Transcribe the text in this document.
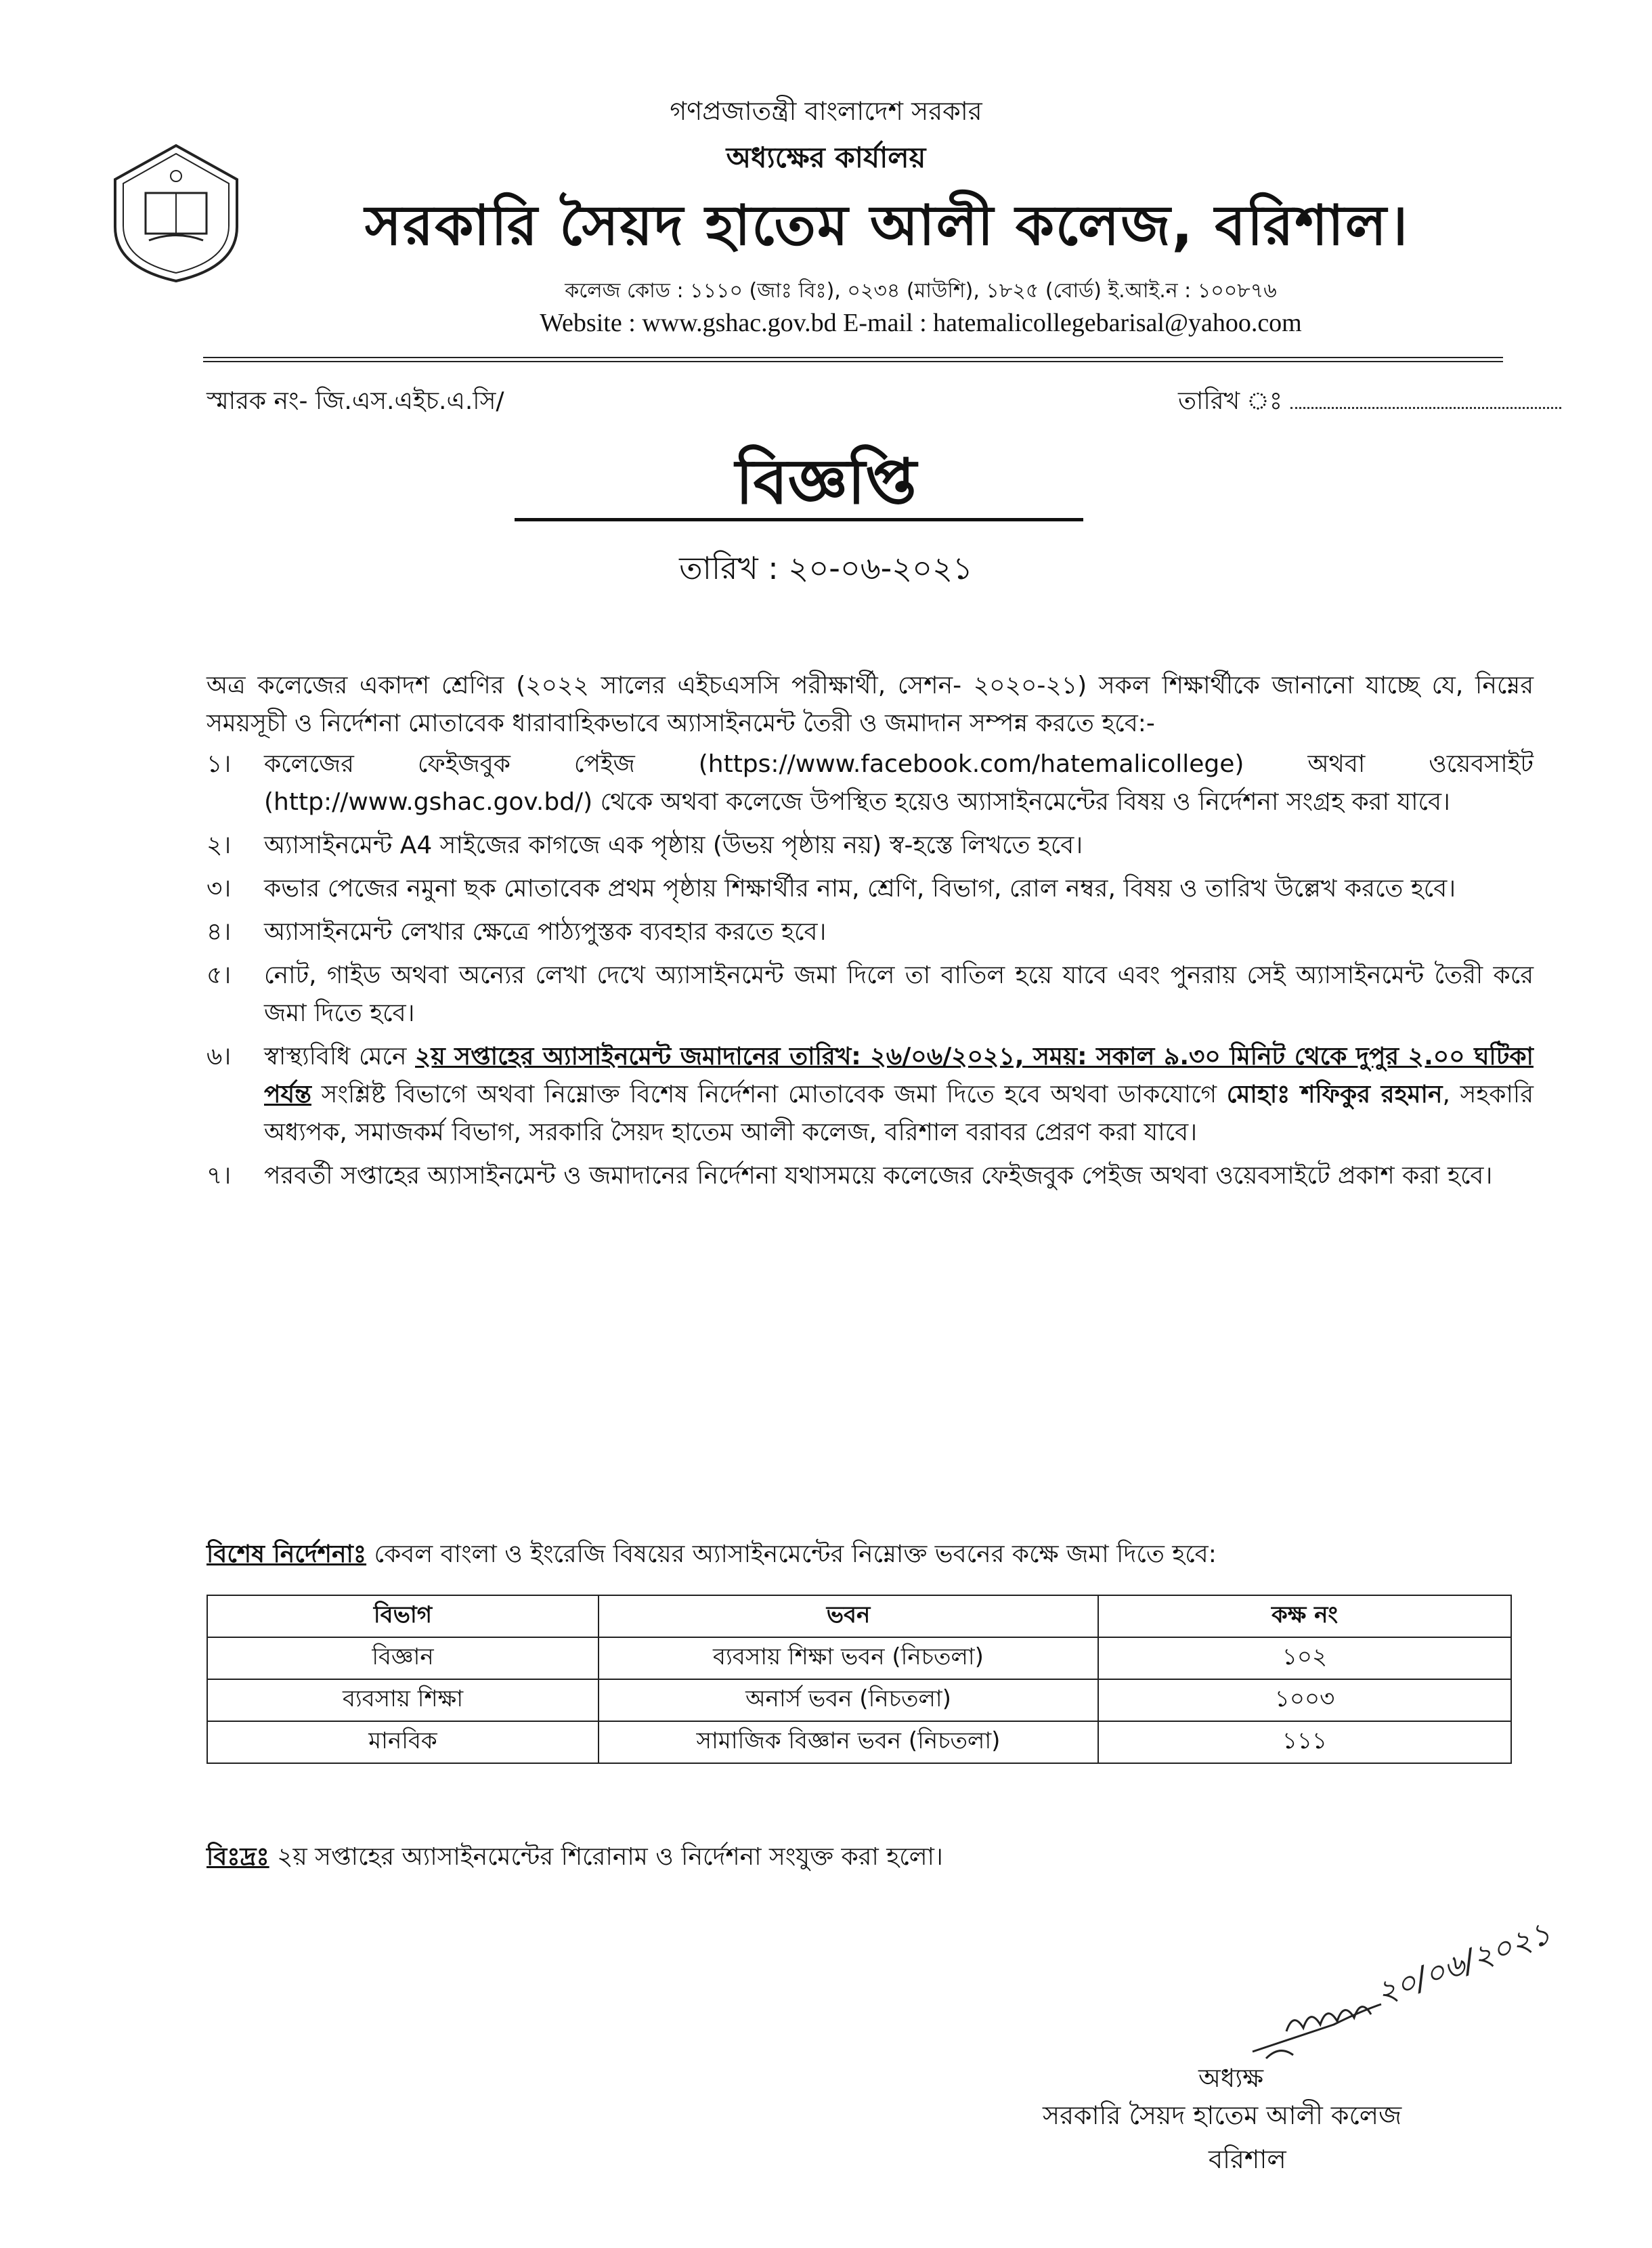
গণপ্রজাতন্ত্রী বাংলাদেশ সরকার
অধ্যক্ষের কার্যালয়
সরকারি সৈয়দ হাতেম আলী কলেজ, বরিশাল।
কলেজ কোড : ১১১০ (জাঃ বিঃ), ০২৩৪ (মাউশি), ১৮২৫ (বোর্ড) ই.আই.ন : ১০০৮৭৬
Website : www.gshac.gov.bd E-mail : hatemalicollegebarisal@yahoo.com
স্মারক নং- জি.এস.এইচ.এ.সি/	তারিখ ঃ
বিজ্ঞপ্তি
তারিখ : ২০-০৬-২০২১

অত্র কলেজের একাদশ শ্রেণির (২০২২ সালের এইচএসসি পরীক্ষার্থী, সেশন- ২০২০-২১) সকল শিক্ষার্থীকে জানানো যাচ্ছে যে, নিম্নের সময়সূচী ও নির্দেশনা মোতাবেক ধারাবাহিকভাবে অ্যাসাইনমেন্ট তৈরী ও জমাদান সম্পন্ন করতে হবে:-

১।	কলেজের ফেইজবুক পেইজ (https://www.facebook.com/hatemalicollege) অথবা ওয়েবসাইট (http://www.gshac.gov.bd/) থেকে অথবা কলেজে উপস্থিত হয়েও অ্যাসাইনমেন্টের বিষয় ও নির্দেশনা সংগ্রহ করা যাবে।
২।	অ্যাসাইনমেন্ট A4 সাইজের কাগজে এক পৃষ্ঠায় (উভয় পৃষ্ঠায় নয়) স্ব-হস্তে লিখতে হবে।
৩।	কভার পেজের নমুনা ছক মোতাবেক প্রথম পৃষ্ঠায় শিক্ষার্থীর নাম, শ্রেণি, বিভাগ, রোল নম্বর, বিষয় ও তারিখ উল্লেখ করতে হবে।
৪।	অ্যাসাইনমেন্ট লেখার ক্ষেত্রে পাঠ্যপুস্তক ব্যবহার করতে হবে।
৫।	নোট, গাইড অথবা অন্যের লেখা দেখে অ্যাসাইনমেন্ট জমা দিলে তা বাতিল হয়ে যাবে এবং পুনরায় সেই অ্যাসাইনমেন্ট তৈরী করে জমা দিতে হবে।
৬।	স্বাস্থ্যবিধি মেনে ২য় সপ্তাহের অ্যাসাইনমেন্ট জমাদানের তারিখ: ২৬/০৬/২০২১, সময়: সকাল ৯.৩০ মিনিট থেকে দুপুর ২.০০ ঘটিকা পর্যন্ত সংশ্লিষ্ট বিভাগে অথবা নিম্নোক্ত বিশেষ নির্দেশনা মোতাবেক জমা দিতে হবে অথবা ডাকযোগে মোহাঃ শফিকুর রহমান, সহকারি অধ্যপক, সমাজকর্ম বিভাগ, সরকারি সৈয়দ হাতেম আলী কলেজ, বরিশাল বরাবর প্রেরণ করা যাবে।
৭।	পরবর্তী সপ্তাহের অ্যাসাইনমেন্ট ও জমাদানের নির্দেশনা যথাসময়ে কলেজের ফেইজবুক পেইজ অথবা ওয়েবসাইটে প্রকাশ করা হবে।
বিশেষ নির্দেশনাঃ কেবল বাংলা ও ইংরেজি বিষয়ের অ্যাসাইনমেন্টের নিম্নোক্ত ভবনের কক্ষে জমা দিতে হবে:
বিভাগ	ভবন	কক্ষ নং
বিজ্ঞান	ব্যবসায় শিক্ষা ভবন (নিচতলা)	১০২
ব্যবসায় শিক্ষা	অনার্স ভবন (নিচতলা)	১০০৩
মানবিক	সামাজিক বিজ্ঞান ভবন (নিচতলা)	১১১
বিঃদ্রঃ ২য় সপ্তাহের অ্যাসাইনমেন্টের শিরোনাম ও নির্দেশনা সংযুক্ত করা হলো।
২০/০৬/২০২১
অধ্যক্ষ
সরকারি সৈয়দ হাতেম আলী কলেজ
বরিশাল
